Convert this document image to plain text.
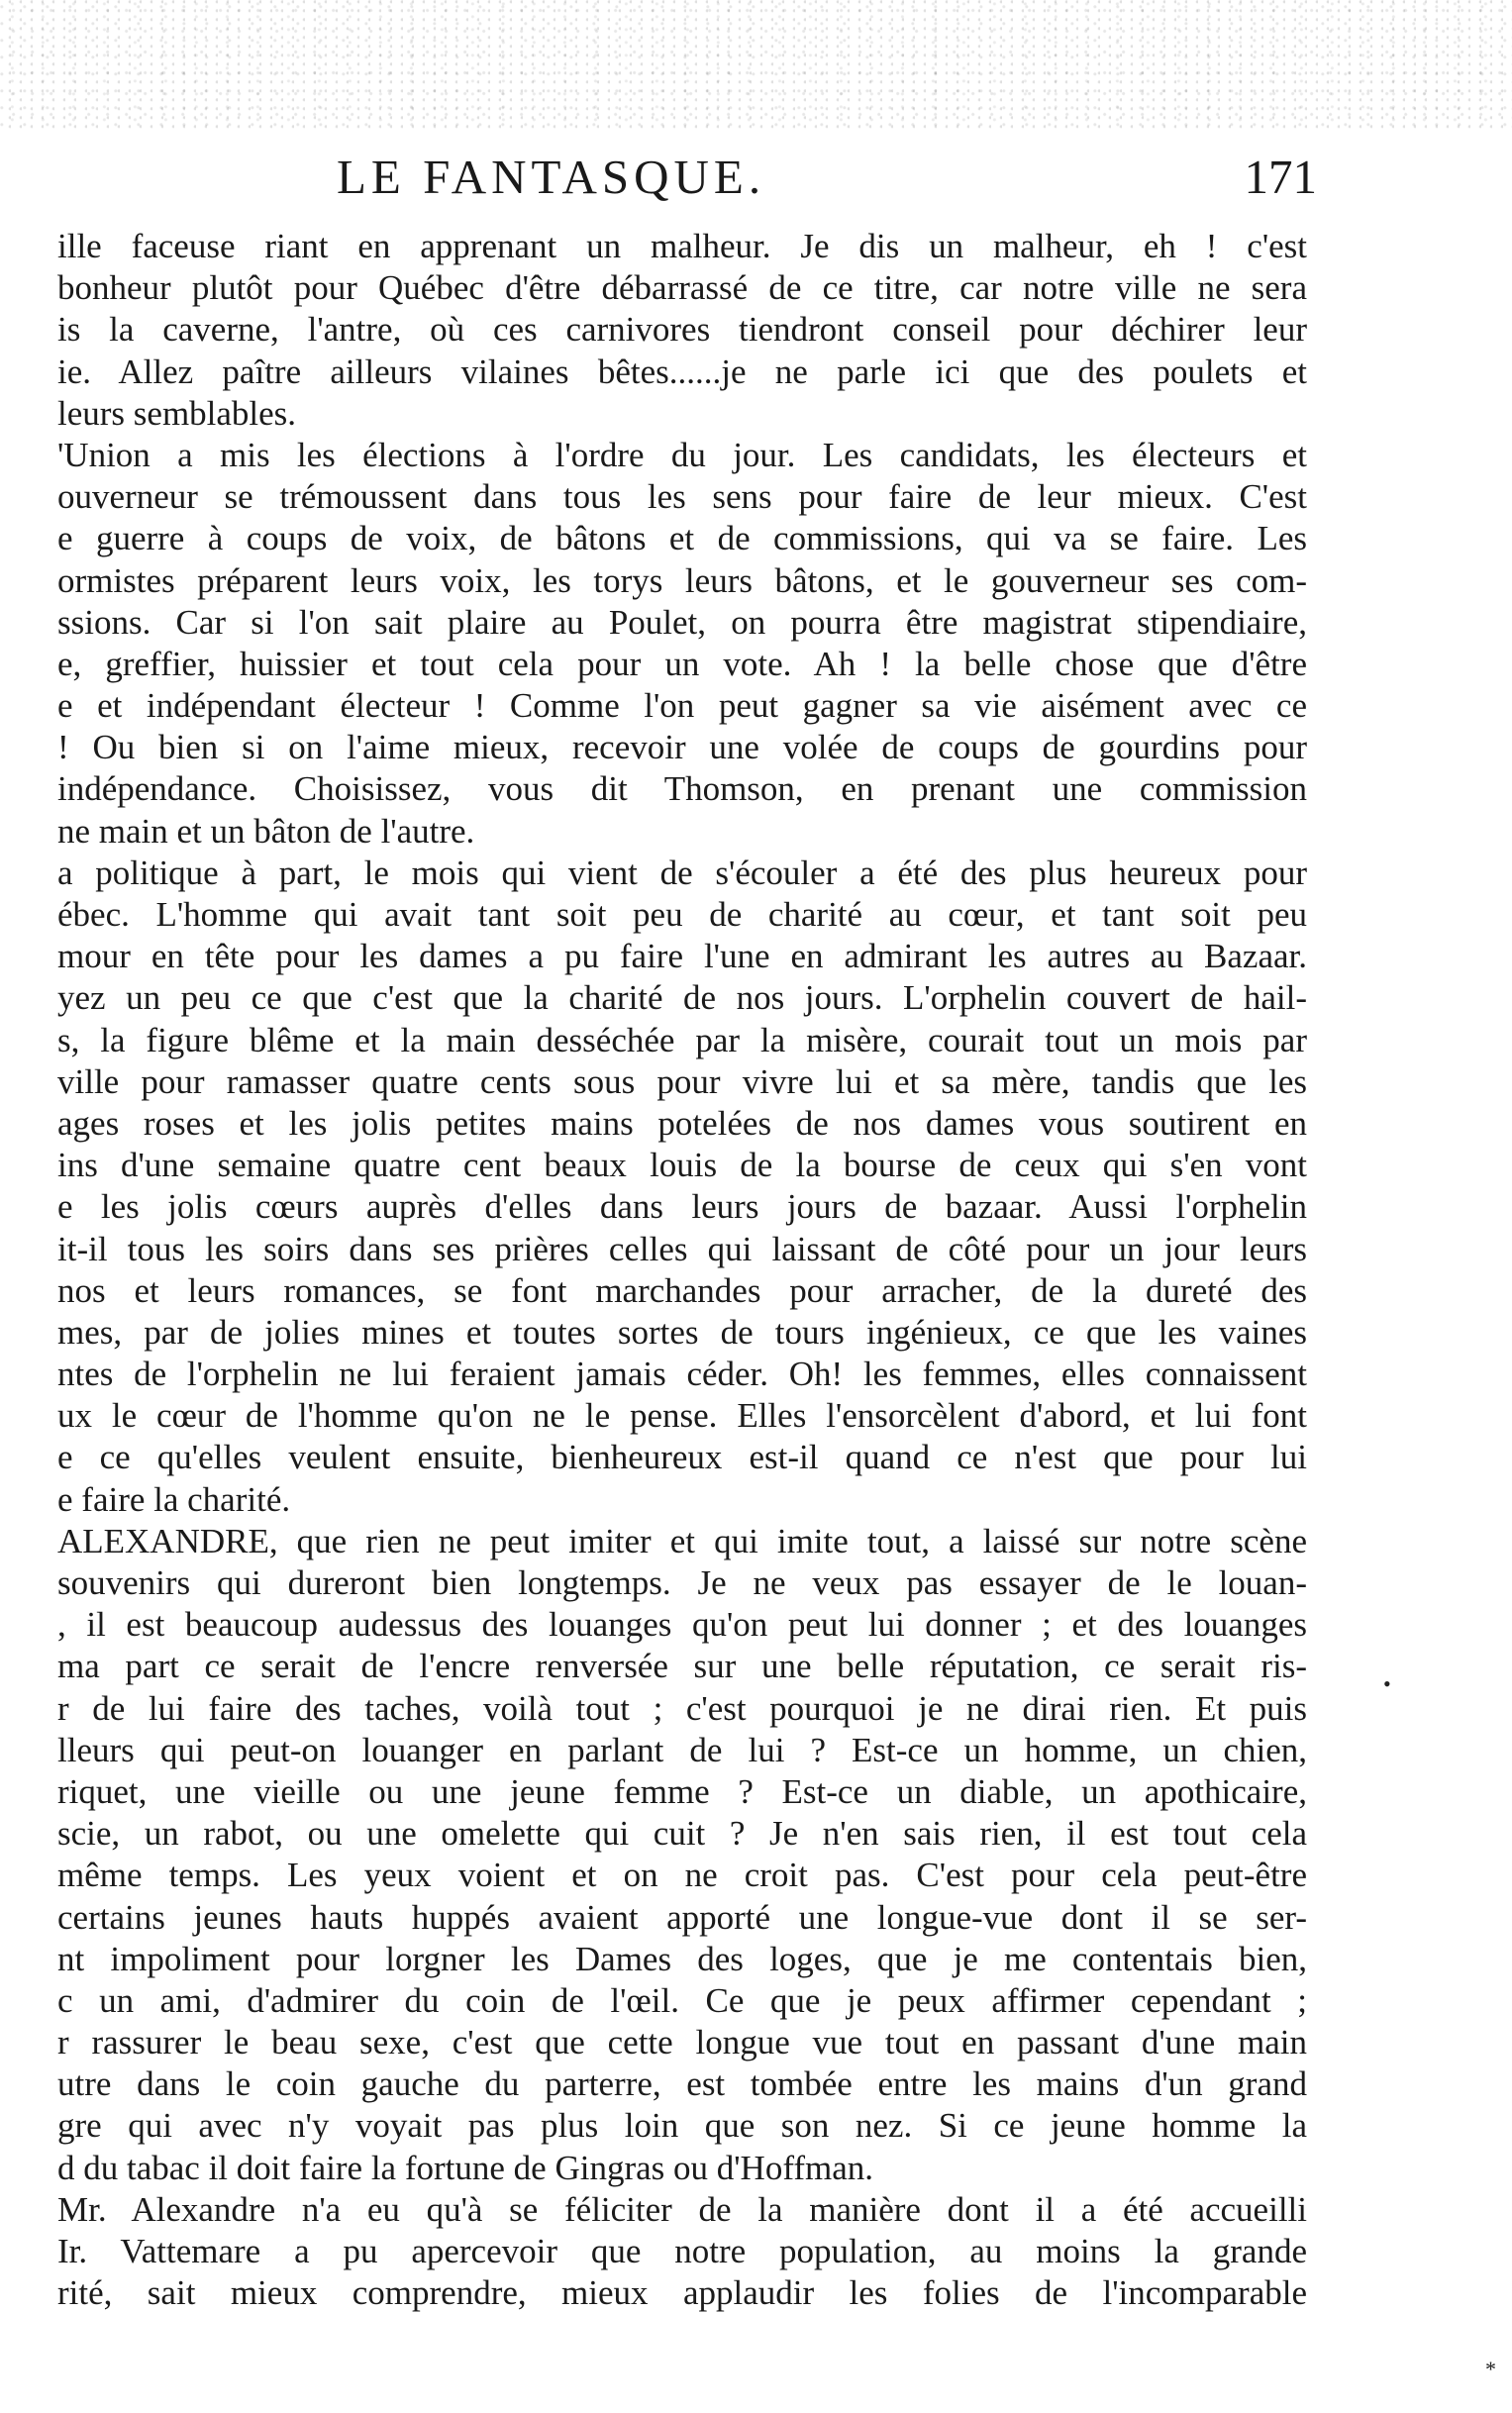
LE FANTASQUE.	171
ille faceuse riant en apprenant un malheur. Je dis un malheur, eh ! c'est
bonheur plutôt pour Québec d'être débarrassé de ce titre, car notre ville ne sera
is la caverne, l'antre, où ces carnivores tiendront conseil pour déchirer leur
ie. Allez paître ailleurs vilaines bêtes......je ne parle ici que des poulets et
leurs semblables.
'Union a mis les élections à l'ordre du jour. Les candidats, les électeurs et
ouverneur se trémoussent dans tous les sens pour faire de leur mieux. C'est
e guerre à coups de voix, de bâtons et de commissions, qui va se faire. Les
ormistes préparent leurs voix, les torys leurs bâtons, et le gouverneur ses com-
ssions. Car si l'on sait plaire au Poulet, on pourra être magistrat stipendiaire,
e, greffier, huissier et tout cela pour un vote. Ah ! la belle chose que d'être
e et indépendant électeur ! Comme l'on peut gagner sa vie aisément avec ce
! Ou bien si on l'aime mieux, recevoir une volée de coups de gourdins pour
indépendance. Choisissez, vous dit Thomson, en prenant une commission
ne main et un bâton de l'autre.
a politique à part, le mois qui vient de s'écouler a été des plus heureux pour
ébec. L'homme qui avait tant soit peu de charité au cœur, et tant soit peu
mour en tête pour les dames a pu faire l'une en admirant les autres au Bazaar.
yez un peu ce que c'est que la charité de nos jours. L'orphelin couvert de hail-
s, la figure blême et la main desséchée par la misère, courait tout un mois par
ville pour ramasser quatre cents sous pour vivre lui et sa mère, tandis que les
ages roses et les jolis petites mains potelées de nos dames vous soutirent en
ins d'une semaine quatre cent beaux louis de la bourse de ceux qui s'en vont
e les jolis cœurs auprès d'elles dans leurs jours de bazaar. Aussi l'orphelin
it-il tous les soirs dans ses prières celles qui laissant de côté pour un jour leurs
nos et leurs romances, se font marchandes pour arracher, de la dureté des
mes, par de jolies mines et toutes sortes de tours ingénieux, ce que les vaines
ntes de l'orphelin ne lui feraient jamais céder. Oh! les femmes, elles connaissent
ux le cœur de l'homme qu'on ne le pense. Elles l'ensorcèlent d'abord, et lui font
e ce qu'elles veulent ensuite, bienheureux est-il quand ce n'est que pour lui
e faire la charité.
ALEXANDRE, que rien ne peut imiter et qui imite tout, a laissé sur notre scène
souvenirs qui dureront bien longtemps. Je ne veux pas essayer de le louan-
, il est beaucoup audessus des louanges qu'on peut lui donner ; et des louanges
ma part ce serait de l'encre renversée sur une belle réputation, ce serait ris-
r de lui faire des taches, voilà tout ; c'est pourquoi je ne dirai rien. Et puis
lleurs qui peut-on louanger en parlant de lui ? Est-ce un homme, un chien,
riquet, une vieille ou une jeune femme ? Est-ce un diable, un apothicaire,
scie, un rabot, ou une omelette qui cuit ? Je n'en sais rien, il est tout cela
même temps. Les yeux voient et on ne croit pas. C'est pour cela peut-être
certains jeunes hauts huppés avaient apporté une longue-vue dont il se ser-
nt impoliment pour lorgner les Dames des loges, que je me contentais bien,
c un ami, d'admirer du coin de l'œil. Ce que je peux affirmer cependant ;
r rassurer le beau sexe, c'est que cette longue vue tout en passant d'une main
utre dans le coin gauche du parterre, est tombée entre les mains d'un grand
gre qui avec n'y voyait pas plus loin que son nez. Si ce jeune homme la
d du tabac il doit faire la fortune de Gingras ou d'Hoffman.
Mr. Alexandre n'a eu qu'à se féliciter de la manière dont il a été accueilli
Ir. Vattemare a pu apercevoir que notre population, au moins la grande
rité, sait mieux comprendre, mieux applaudir les folies de l'incomparable
•
*
